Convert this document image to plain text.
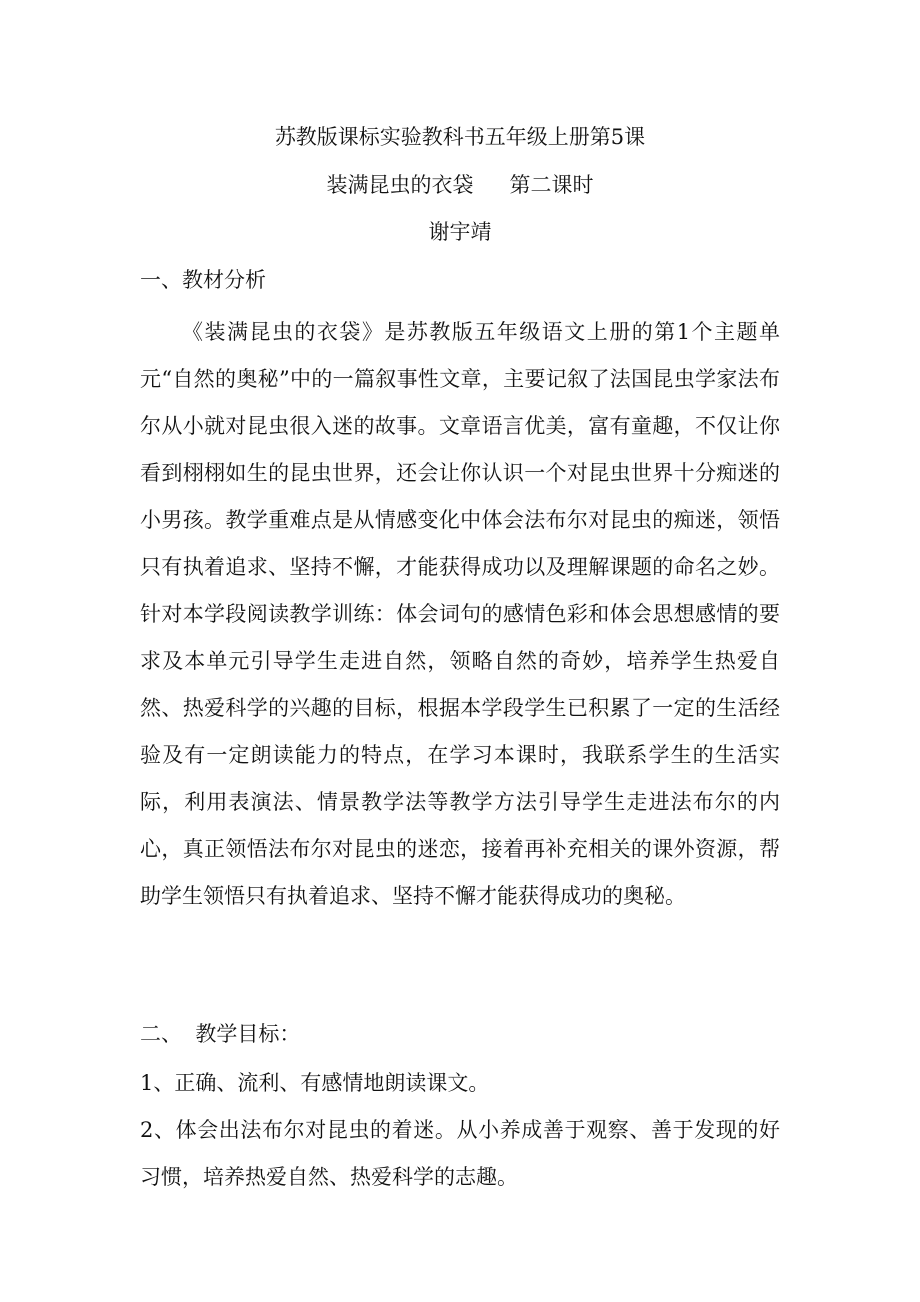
苏教版课标实验教科书五年级上册第5课
装满昆虫的衣袋 第二课时
谢宇靖
一、教材分析

《装满昆虫的衣袋》是苏教版五年级语文上册的第1个主题单元“自然的奥秘”中的一篇叙事性文章，主要记叙了法国昆虫学家法布尔从小就对昆虫很入迷的故事。文章语言优美，富有童趣，不仅让你看到栩栩如生的昆虫世界，还会让你认识一个对昆虫世界十分痴迷的小男孩。教学重难点是从情感变化中体会法布尔对昆虫的痴迷，领悟只有执着追求、坚持不懈，才能获得成功以及理解课题的命名之妙。 针对本学段阅读教学训练：体会词句的感情色彩和体会思想感情的要求及本单元引导学生走进自然，领略自然的奇妙，培养学生热爱自然、热爱科学的兴趣的目标，根据本学段学生已积累了一定的生活经验及有一定朗读能力的特点，在学习本课时，我联系学生的生活实际，利用表演法、情景教学法等教学方法引导学生走进法布尔的内心，真正领悟法布尔对昆虫的迷恋，接着再补充相关的课外资源，帮助学生领悟只有执着追求、坚持不懈才能获得成功的奥秘。

二、  教学目标：

1、正确、流利、有感情地朗读课文。

2、体会出法布尔对昆虫的着迷。从小养成善于观察、善于发现的好习惯，培养热爱自然、热爱科学的志趣。
